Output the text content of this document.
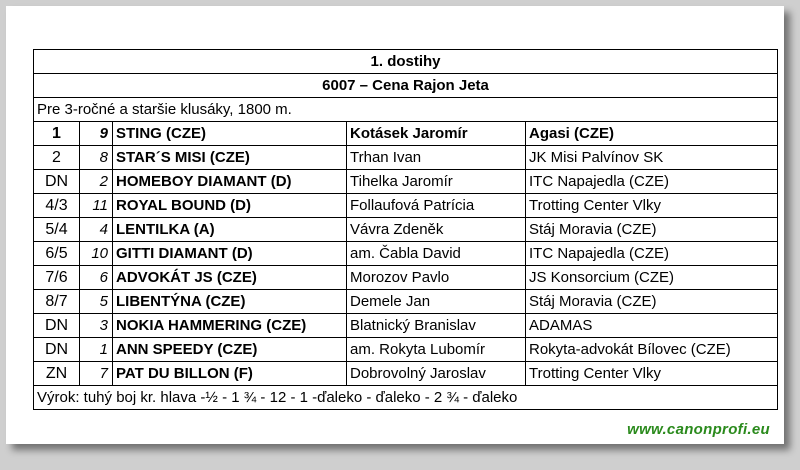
1. dostihy				
6007 – Cena Rajon Jeta				
Pre 3-ročné a staršie klusáky, 1800 m.				
1	9	STING (CZE)	Kotásek Jaromír	Agasi (CZE)
2	8	STAR´S MISI (CZE)	Trhan Ivan	JK Misi Palvínov SK
DN	2	HOMEBOY DIAMANT (D)	Tihelka Jaromír	ITC Napajedla (CZE)
4/3	11	ROYAL BOUND (D)	Follaufová Patrícia	Trotting Center Vlky
5/4	4	LENTILKA (A)	Vávra Zdeněk	Stáj Moravia (CZE)
6/5	10	GITTI DIAMANT (D)	am. Čabla David	ITC Napajedla (CZE)
7/6	6	ADVOKÁT JS (CZE)	Morozov Pavlo	JS Konsorcium (CZE)
8/7	5	LIBENTÝNA (CZE)	Demele Jan	Stáj Moravia (CZE)
DN	3	NOKIA HAMMERING (CZE)	Blatnický Branislav	ADAMAS
DN	1	ANN SPEEDY (CZE)	am. Rokyta Lubomír	Rokyta-advokát Bílovec (CZE)
ZN	7	PAT DU BILLON (F)	Dobrovolný Jaroslav	Trotting Center Vlky
Výrok: tuhý boj kr. hlava -½ - 1 ¾ - 12 - 1 -ďaleko - ďaleko - 2 ¾ - ďaleko				
www.canonprofi.eu
